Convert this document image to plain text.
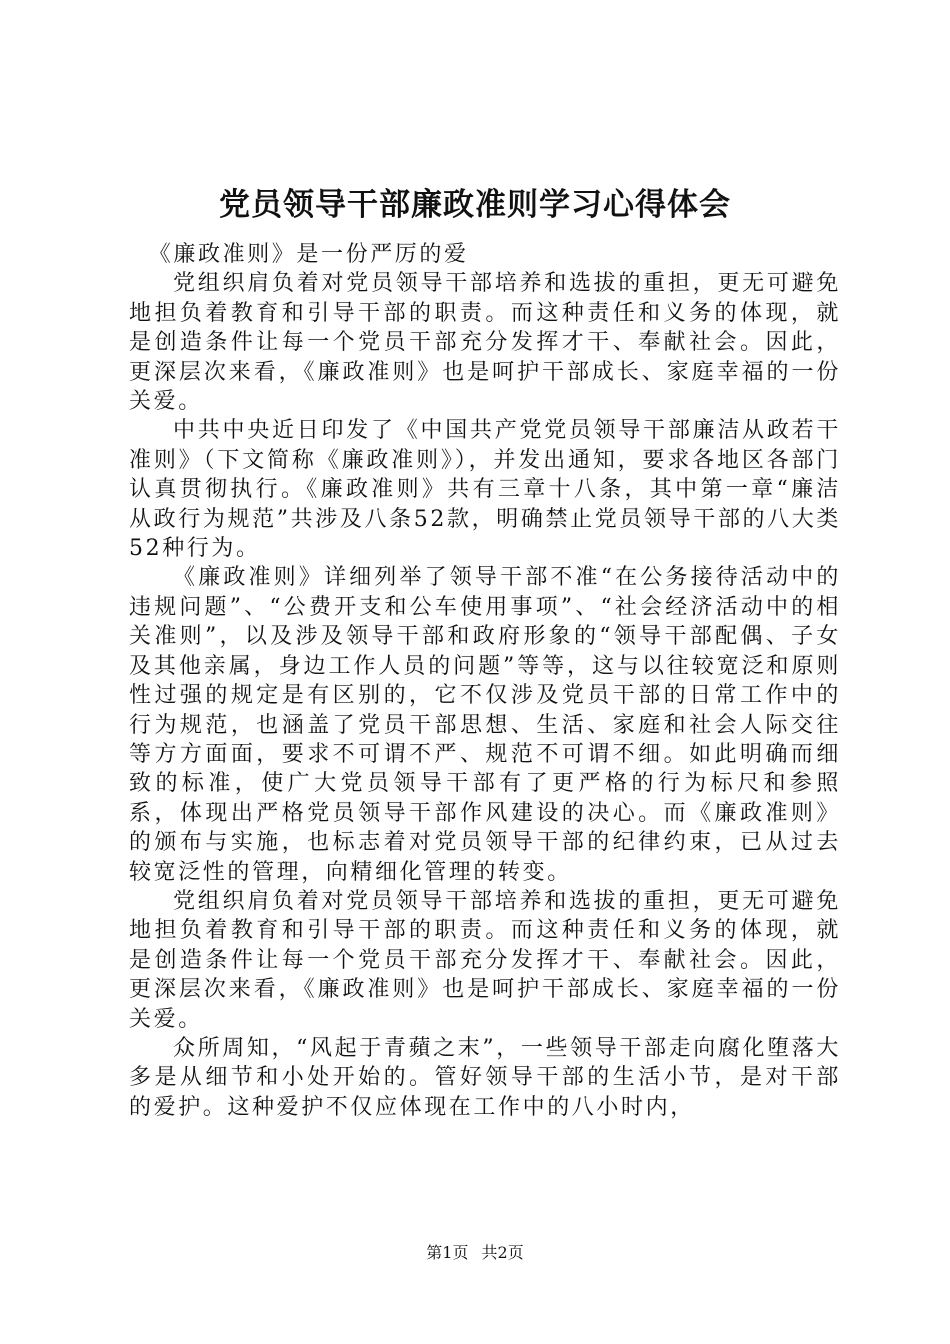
党员领导干部廉政准则学习心得体会

《廉政准则》是一份严厉的爱

党组织肩负着对党员领导干部培养和选拔的重担，更无可避免地担负着教育和引导干部的职责。而这种责任和义务的体现，就是创造条件让每一个党员干部充分发挥才干、奉献社会。因此，更深层次来看，《廉政准则》也是呵护干部成长、家庭幸福的一份关爱。

中共中央近日印发了《中国共产党党员领导干部廉洁从政若干准则》（下文简称《廉政准则》），并发出通知，要求各地区各部门认真贯彻执行。《廉政准则》共有三章十八条，其中第一章“廉洁从政行为规范”共涉及八条52款，明确禁止党员领导干部的八大类52种行为。

《廉政准则》详细列举了领导干部不准“在公务接待活动中的违规问题”、“公费开支和公车使用事项”、“社会经济活动中的相关准则”，以及涉及领导干部和政府形象的“领导干部配偶、子女及其他亲属，身边工作人员的问题”等等，这与以往较宽泛和原则性过强的规定是有区别的，它不仅涉及党员干部的日常工作中的行为规范，也涵盖了党员干部思想、生活、家庭和社会人际交往等方方面面，要求不可谓不严、规范不可谓不细。如此明确而细致的标准，使广大党员领导干部有了更严格的行为标尺和参照系，体现出严格党员领导干部作风建设的决心。而《廉政准则》的颁布与实施，也标志着对党员领导干部的纪律约束，已从过去较宽泛性的管理，向精细化管理的转变。

党组织肩负着对党员领导干部培养和选拔的重担，更无可避免地担负着教育和引导干部的职责。而这种责任和义务的体现，就是创造条件让每一个党员干部充分发挥才干、奉献社会。因此，更深层次来看，《廉政准则》也是呵护干部成长、家庭幸福的一份关爱。

众所周知，“风起于青蘋之末”，一些领导干部走向腐化堕落大多是从细节和小处开始的。管好领导干部的生活小节，是对干部的爱护。这种爱护不仅应体现在工作中的八小时内，

第1页 共2页
